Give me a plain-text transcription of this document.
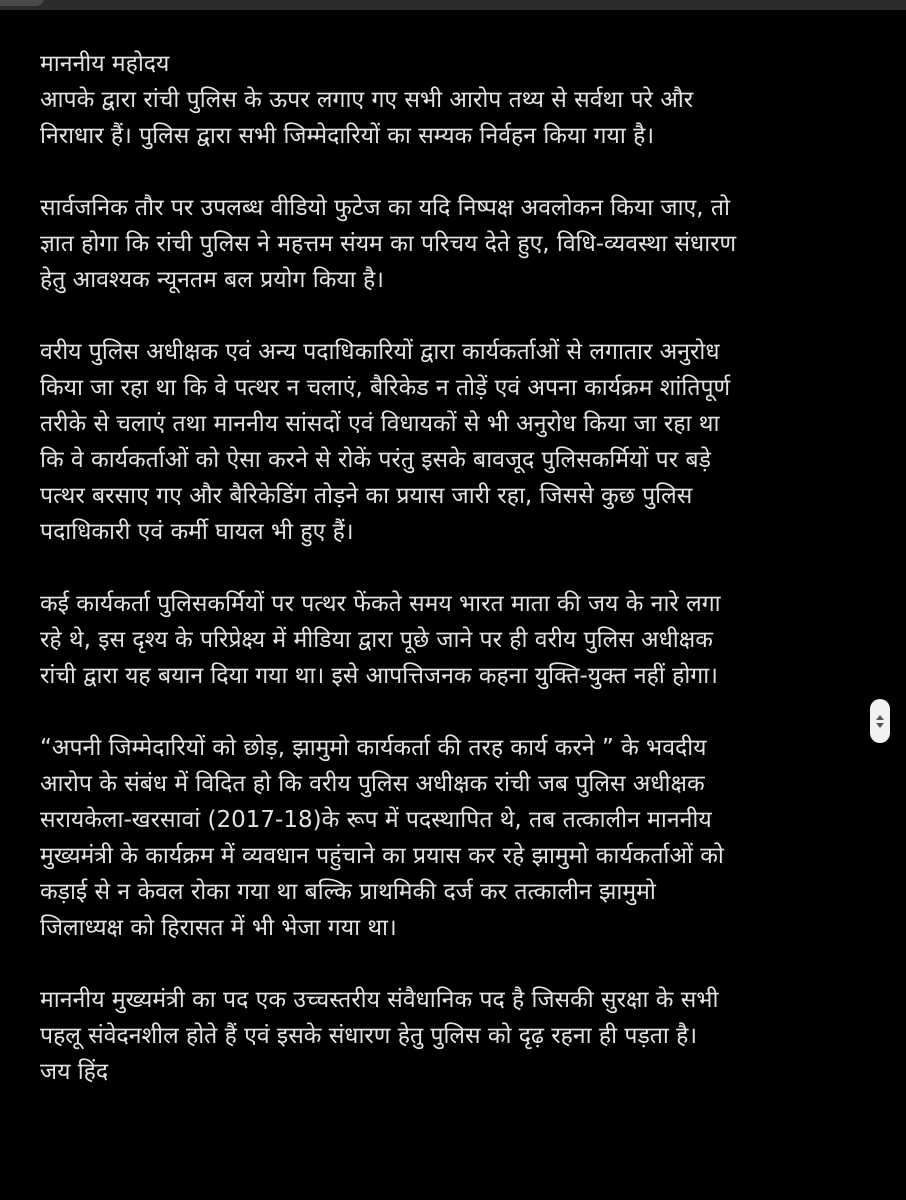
माननीय महोदय
आपके द्वारा रांची पुलिस के ऊपर लगाए गए सभी आरोप तथ्य से सर्वथा परे और
निराधार हैं। पुलिस द्वारा सभी जिम्मेदारियों का सम्यक निर्वहन किया गया है।
सार्वजनिक तौर पर उपलब्ध वीडियो फुटेज का यदि निष्पक्ष अवलोकन किया जाए, तो
ज्ञात होगा कि रांची पुलिस ने महत्तम संयम का परिचय देते हुए, विधि-व्यवस्था संधारण
हेतु आवश्यक न्यूनतम बल प्रयोग किया है।
वरीय पुलिस अधीक्षक एवं अन्य पदाधिकारियों द्वारा कार्यकर्ताओं से लगातार अनुरोध
किया जा रहा था कि वे पत्थर न चलाएं, बैरिकेड न तोड़ें एवं अपना कार्यक्रम शांतिपूर्ण
तरीके से चलाएं तथा माननीय सांसदों एवं विधायकों से भी अनुरोध किया जा रहा था
कि वे कार्यकर्ताओं को ऐसा करने से रोकें परंतु इसके बावजूद पुलिसकर्मियों पर बड़े
पत्थर बरसाए गए और बैरिकेडिंग तोड़ने का प्रयास जारी रहा, जिससे कुछ पुलिस
पदाधिकारी एवं कर्मी घायल भी हुए हैं।
कई कार्यकर्ता पुलिसकर्मियों पर पत्थर फेंकते समय भारत माता की जय के नारे लगा
रहे थे, इस दृश्य के परिप्रेक्ष्य में मीडिया द्वारा पूछे जाने पर ही वरीय पुलिस अधीक्षक
रांची द्वारा यह बयान दिया गया था। इसे आपत्तिजनक कहना युक्ति-युक्त नहीं होगा।
“अपनी जिम्मेदारियों को छोड़, झामुमो कार्यकर्ता की तरह कार्य करने ” के भवदीय
आरोप के संबंध में विदित हो कि वरीय पुलिस अधीक्षक रांची जब पुलिस अधीक्षक
सरायकेला-खरसावां (2017-18)के रूप में पदस्थापित थे, तब तत्कालीन माननीय
मुख्यमंत्री के कार्यक्रम में व्यवधान पहुंचाने का प्रयास कर रहे झामुमो कार्यकर्ताओं को
कड़ाई से न केवल रोका गया था बल्कि प्राथमिकी दर्ज कर तत्कालीन झामुमो
जिलाध्यक्ष को हिरासत में भी भेजा गया था।
माननीय मुख्यमंत्री का पद एक उच्चस्तरीय संवैधानिक पद है जिसकी सुरक्षा के सभी
पहलू संवेदनशील होते हैं एवं इसके संधारण हेतु पुलिस को दृढ़ रहना ही पड़ता है।
जय हिंद
